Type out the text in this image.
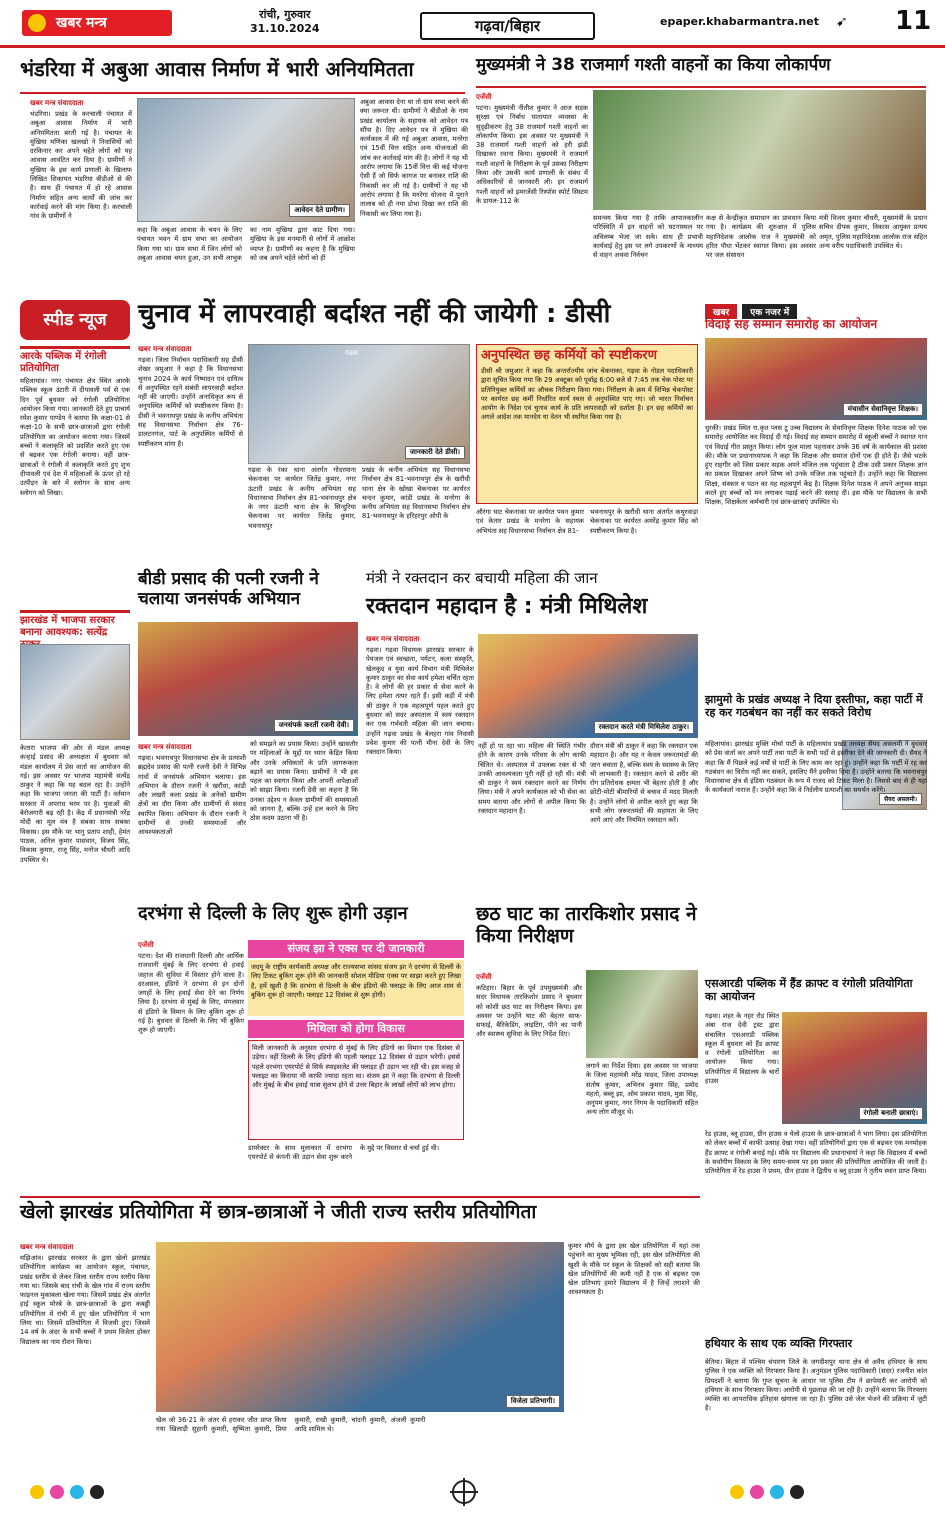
खबर मन्त्र
रांची, गुरुवार
31.10.2024	गढ़वा/बिहार	epaper.khabarmantra.net ➹ 11
भंडरिया में अबुआ आवास निर्माण में भारी अनियमितता
खबर मन्त्र संवाददाता
भंडरिया। प्रखंड के करचाली पंचायत में अबुआ आवास निर्माण में भारी अनियमितता बरती गई है। पंचायत के मुखिया मणिका खलखो ने निवासियों को दरकिनार कर अपने चहेते लोगों को यह आवास आवंटित कर दिया है। ग्रामीणों ने मुखिया के इस कार्य प्रणाली के खिलाफ लिखित शिकायत भंडरिया बीडीओ से की है। साथ ही पंचायत में हो रहे आवास निर्माण सहित अन्य कार्यों की जांच कर कार्रवाई करने की मांग किया है। करचाली गांव के ग्रामीणों ने
आवेदन देते ग्रामीण।
कहा कि अबुआ आवास के चयन के लिए पंचायत भवन में ग्राम सभा का आयोजन किया गया था। ग्राम सभा में जिन लोगों को अबुआ आवास चयन हुआ, उन सभी लाभुक का नाम मुखिया द्वारा काट दिया गया। मुखिया के इस मनमानी से लोगों में आक्रोश व्याप्त है। ग्रामीणों का कहना है कि मुखिया को जब अपने चहेते लोगों को ही
अबुआ आवास देना था तो ग्राम सभा करने की क्या जरूरत थी। ग्रामीणों ने बीडीओ के नाम प्रखंड कार्यालय के सहायक को आवेदन पत्र सौंपा है। दिए आवेदन पत्र में मुखिया की कार्यकाल में की गई अबुआ आवास, मनरेगा एवं 15वीं वित्त सहित अन्य योजनाओं की जांच कर कार्रवाई मांग की है। लोगों ने यह भी आरोप लगाया कि 15वीं वित्त की कई योजना ऐसी हैं जो सिर्फ कागज पर बनाकर राशि की निकासी कर ली गई है। ग्रामीणों ने यह भी आरोप लगाया है कि मनरेगा योजना में पुराने तालाब को ही नया डोभा दिखा कर राशि की निकासी कर लिया गया है।
मुख्यमंत्री ने 38 राजमार्ग गश्ती वाहनों का किया लोकार्पण
एजेंसी
पटना। मुख्यमंत्री नीतीश कुमार ने आज सड़क सुरक्षा एवं निर्बाध यातायात व्यवस्था के सुदृढ़ीकरण हेतु 38 राजमार्ग गश्ती वाहनों का लोकार्पण किया। इस अवसर पर मुख्यमंत्री ने 38 राजमार्ग गश्ती वाहनों को हरी झंडी दिखाकर रवाना किया। मुख्यमंत्री ने राजमार्ग गश्ती वाहनों के निरीक्षण के पूर्व उसका निरीक्षण किया और उसकी कार्य प्रणाली के संबंध में अधिकारियों से जानकारी ली। इन राजमार्ग गश्ती वाहनों को इमरजेंसी रिस्पॉस स्पोर्ट सिस्टम के डायल-112 के
समन्वय किया गया है ताकि आपातकालीन परिस्थिति में इन वाहनों को घटनास्थल पर अविलम्ब भेजा जा सके। साथ ही प्रभावी कार्यवाई हेतु इस पर लगे उपकरणों के माध्यम से वाहन अथवा निर्वचन
कक्ष से केन्द्रीकृत समाधान का प्रावधान किया गया है। कार्यक्रम की शुरुआत में पुलिस महानिदेशक आलोक राज ने मुख्यमंत्री को हरित पौधा भेंटकर स्वागत किया। इस अवसर पर जल संसाधन
मंत्री विजय कुमार चौधरी, मुख्यमंत्री के प्रधान सचिव दीपक कुमार, विकास आयुक्त प्रत्यय अमृत, पुलिस महानिदेशक आलोक राज सहित अन्य वरीय पदाधिकारी उपस्थित थे।
स्पीड न्यूज
आरके पब्लिक में रंगोली प्रतियोगिता
महिलायांव। नगर पंचायत क्षेत्र स्थित आरके पब्लिक स्कूल उंटारी में दीपावली पर्व से एक दिन पूर्व बुधवार को रंगोली प्रतियोगिता आयोजन किया गया। जानकारी देते हुए प्राचार्य रमेश कुमार पाण्डेय ने बताया कि कक्षा-01 से कक्षा-10 के सभी छात्र-छात्राओं द्वारा रंगोली प्रतियोगिता का आयोजन कराया गया। जिसमें बच्चों ने कलाकृति को प्रदर्शित करते हुए एक से बढ़कर एक रंगोली बनाया। वहीं छात्र-छात्राओं ने रंगोली में कलाकृति करते हुए शुभ दीपावली एवं देश में महिलाओं के ऊपर हो रहे उत्पीड़न के बारे में स्लोगन के साथ अन्य स्लोगन को लिखा।
झारखंड में भाजपा सरकार बनाना आवश्यक: सत्येंद्र
केतारा भाजपा की ओर से मंडल अध्यक्ष कन्हाई प्रसाद की अध्यक्षता में बुधवार को मंडल कार्यालय में प्रेस वार्ता का आयोजन की गई। इस अवसर पर भाजपा महामंत्री सत्येंद्र ठाकुर ने कहा कि यह बदल रहा है। उन्होंने कहा कि भाजपा जनता की पार्टी है। वर्तमान सरकार में अपराध चरम पर है। युवाओं की बेरोजगारी बढ़ रही है। केंद्र में प्रधानमंत्री नरेंद्र मोदी का मूल मंत्र है सबका साथ सबका विकास। इस मौके पर भानु प्रताप शाही, हेमंत पाठक, अनिल कुमार पासवान, विजय सिंह, विकास कुमार, राजू सिंह, मनोज चौधरी आदि उपस्थित थे।
चुनाव में लापरवाही बर्दाश्त नहीं की जायेगी : डीसी
खबर मन्त्र संवाददाता
गढ़वा। जिला निर्वाचन पदाधिकारी सह डीसी शेखर जमुआर ने कहा है कि विधानसभा चुनाव 2024 के कार्य निष्पादन एवं दायित्व से अनुपस्थित रहने संबंधी लापरवाही बर्दाश्त नहीं की जाएगी। उन्होंने अनाधिकृत रूप से अनुपस्थित कर्मियों को स्पष्टीकरण किया है। डीसी ने भवनाथपुर प्रखंड के कनीय अभियंता सह विधानसभा निर्वाचन क्षेत्र 76-डालटनगंज, पार्ट के अनुपस्थित कर्मियों से स्पष्टीकरण मांगा है।
गढ़वा
जानकारी देते डीसी।
गढ़वा के रंका थाना अंतर्गत गोदरमाना चेकनाका पर कार्यरत जितेंद्र कुमार, नगर ऊंटारी प्रखंड के कनीय अभियंता सह विधानसभा निर्वाचन क्षेत्र 81-भवनाथपुर क्षेत्र के नगर ऊंटारी थाना क्षेत्र के सिन्दुरिया चेकनाका पर कार्यरत जितेंद्र कुमार, भवनाथपुर
प्रखंड के कनीय अभियंता सह विधानसभा निर्वाचन क्षेत्र 81-भवनाथपुर क्षेत्र के खरौंधी थाना क्षेत्र के खोखा चेकनाका पर कार्यरत चन्दन कुमार, कांडी प्रखंड के मनरेगा के कनीय अभियंता सह विधानसभा निर्वाचन क्षेत्र 81-भवनाथपुर के हरिहरपुर ओपी के
अनुपस्थित छह कर्मियों को स्पष्टीकरण
डीसी श्री जमुआर ने कहा कि अन्तर्राज्यीय जांच चेकनाका, गढ़वा के नोडल पदाधिकारी द्वारा सूचित किया गया कि 29 अक्टूबर को पूर्वाह्न 6:00 बजे से 7:45 तक चेक पोस्ट पर प्रतिनियुक्त कर्मियों का औचक निरीक्षण किया गया। निरीक्षण के क्रम में विभिन्न चेकपोस्ट पर कार्यरत छह कर्मी निर्धारित कार्य स्थल से अनुपस्थित पाए गए। जो भारत निर्वाचन आयोग के निदेश एवं चुनाव कार्य के प्रति लापरवाही को दर्शाता है। इन छह कर्मियों का अगले आदेश तक मानदेय या वेतन भी स्थगित किया गया है।
औरंगा घाट चेकनाका पर कार्यरत पवन कुमार एवं केतार प्रखंड के मनरेगा के सहायक अभियंता सह विधानसभा निर्वाचन क्षेत्र 81-
भवनाथपुर के खरौंधी थाना अंतर्गत कथुरवाड़ा चेकनाका पर कार्यरत अमरेंद्र कुमार सिंह को स्पष्टीकरण किया है।
खबर एक नजर में
विदाई सह सम्मान समारोह का आयोजन
मंचासीन सेवानिवृत्त शिक्षक।
धुरकी। प्रखंड स्थित रा.कृत प्लस टू उच्च विद्यालय के सेवानिवृत्त शिक्षक दिनेश पाठक को एक समारोह आयोजित कर विदाई दी गई। विदाई सह सम्मान समारोह में स्कूली बच्चों ने स्वागत गान एवं विदाई गीत प्रस्तुत किया। लोग फूल माला पहनाकर उनके 36 वर्ष के कार्यकाल की प्रशंसा की। मौके पर प्रधानाध्यापक ने कहा कि शिक्षक और समाज दोनों एक ही होते हैं। जैसे भटके हुए राहगीर को जिस प्रकार सड़क अपने मंजिल तक पहुंचाता है ठीक उसी प्रकार शिक्षक ज्ञान का प्रकाश दिखाकर अपने शिष्य को उनके मंजिल तक पहुंचाते हैं। उन्होंने कहा कि विद्यालय शिक्षा, संस्कार व पठन का यह महत्वपूर्ण केंद्र है। शिक्षक दिनेश पाठक ने अपने अनुभव साझा करते हुए बच्चों को मन लगाकर पढ़ाई करने की सलाह दी। इस मौके पर विद्यालय के सभी शिक्षक, शिक्षकेतर कर्मचारी एवं छात्र-छात्राएं उपस्थित थे।
बीडी प्रसाद की पत्नी रजनी ने चलाया जनसंपर्क अभियान
जनसंपर्क करतीं रजनी देवी।
खबर मन्त्र संवाददाता
गढ़वा। भवनाथपुर विधानसभा क्षेत्र के प्रत्याशी ब्रह्मदेव प्रसाद की पत्नी रजनी देवी ने विभिन्न गांवों में जनसंपर्क अभियान चलाया। इस अभियान के दौरान रजनी ने खरौंधा, कांडी और लखरी कला प्रखंड के अनेकों ग्रामीण क्षेत्रों का दौरा किया और ग्रामीणों से संवाद स्थापित किया। अभियान के दौरान रजनी ने ग्रामीणों से उनकी समस्याओं और आवश्यकताओं
को समझने का प्रयास किया। उन्होंने खासतौर पर महिलाओं के मुद्दों पर ध्यान केंद्रित किया और उनके अधिकारों के प्रति जागरूकता बढ़ाने का प्रयास किया। ग्रामीणों ने भी इस पहल का स्वागत किया और अपनी अपेक्षाओं को साझा किया। रजनी देवी का कहना है कि उनका उद्देश्य न केवल ग्रामीणों की समस्याओं को जानना है, बल्कि उन्हें हल करने के लिए ठोस कदम उठाना भी है।
मंत्री ने रक्तदान कर बचायी महिला की जान
रक्तदान महादान है : मंत्री मिथिलेश
खबर मन्त्र संवाददाता
गढ़वा। गढ़वा विधायक झारखंड सरकार के पेयजल एवं स्वच्छता, पर्यटन, कला संस्कृति, खेलकूद व युवा कार्य विभाग मंत्री मिथिलेश कुमार ठाकुर का सेवा कार्य हमेशा चर्चित रहता है। वे लोगों की हर प्रकार से सेवा करने के लिए हमेशा तत्पर रहते हैं। इसी कड़ी में मंत्री श्री ठाकुर ने एक महत्वपूर्ण पहल करते हुए बुधवार को सदर अस्पताल में स्वयं रक्तदान कर एक गर्भवती महिला की जान बचाया। उन्होंने गढ़वा प्रखंड के बेलहरा गांव निवासी प्रवेश कुमार की पत्नी मीना देवी के लिए रक्तदान किया।
रक्तदान करते मंत्री मिथिलेश ठाकुर।
नहीं हो पा रहा था। महिला की स्थिति गंभीर होने के कारण उनके परिवार के लोग काफी चिंतित थे। अस्पताल में उपलब्ध रक्त से भी उनकी आवश्यकता पूरी नहीं हो रही थी। मंत्री श्री ठाकुर ने स्वयं रक्तदान करने का निर्णय लिया। मंत्री ने अपने कार्यकाल को भी सेवा का समय बताया और लोगों से अपील किया कि रक्तदान महादान है।
दौरान मंत्री श्री ठाकुर ने कहा कि रक्तदान एक महादान है। और यह न केवल जरूरतमंदों की जान बचाता है, बल्कि स्वयं के स्वास्थ्य के लिए भी लाभकारी है। रक्तदान करने से शरीर की रोग प्रतिरोधक क्षमता भी बेहतर होती है और छोटी-मोटी बीमारियों से बचाव में मदद मिलती है। उन्होंने लोगों से अपील करते हुए कहा कि सभी लोग जरूरतमंदों की सहायता के लिए आगे आएं और नियमित रक्तदान करें।
झामुमो के प्रखंड अध्यक्ष ने दिया इस्तीफा, कहा पार्टी में रह कर गठबंधन का नहीं कर सकते विरोध
सैयद असलमी।
महिलायांव। झारखंड मुक्ति मोर्चा पार्टी के महिलायांव प्रखंड अध्यक्ष सैयद असलमी ने बुधवार को प्रेस वार्ता कर अपने पार्टी तथा पार्टी के सभी पदों से इस्तीफा देने की जानकारी दी। सैयद ने कहा कि मैं पिछले कई वर्षों से पार्टी के लिए काम कर रहा हूं। उन्होंने कहा कि पार्टी में रह कर गठबंधन का विरोध नहीं कर सकते, इसलिए मैंने इस्तीफा दिया है। उन्होंने बताया कि भवनाथपुर विधानसभा क्षेत्र से इंडिया गठबंधन के रूप में राजद को टिकट मिला है। जिससे बाद से ही यहां के कार्यकर्ता नाराज हैं। उन्होंने कहा कि वे निर्दलीय प्रत्याशी का समर्थन करेंगे।
एसआरडी पब्लिक में हैंड क्राफ्ट व रंगोली प्रतियोगिता का आयोजन
गढ़वा। शहर के नहर रोड स्थित अंबा राज देवी ट्रस्ट द्वारा संचालित एसआरडी पब्लिक स्कूल में बुधवार को हैंड क्राफ्ट व रंगोली प्रतियोगिता का आयोजन किया गया। प्रतियोगिता में विद्यालय के चारों हाउस
रंगोली बनाती छात्राएं।
रेड हाउस, ब्लू हाउस, ग्रीन हाउस व येलो हाउस के छात्र-छात्राओं ने भाग लिया। इस प्रतियोगिता को लेकर बच्चों में काफी उत्साह देखा गया। वहीं प्रतियोगियों द्वारा एक से बढ़कर एक मनमोहक हैंड क्राफ्ट व रंगोली बनाई गई। मौके पर विद्यालय की प्रधानाचार्या ने कहा कि विद्यालय में बच्चों के सर्वांगीण विकास के लिए समय-समय पर इस प्रकार की प्रतियोगिता आयोजित की जाती है। प्रतियोगिता में रेड हाउस ने प्रथम, ग्रीन हाउस ने द्वितीय व ब्लू हाउस ने तृतीय स्थान प्राप्त किया।
दरभंगा से दिल्ली के लिए शुरू होगी उड़ान
एजेंसी
पटना। देश की राजधानी दिल्ली और आर्थिक राजधानी मुंबई के लिए दरभंगा से हवाई जहाज की सुविधा में विस्तार होने वाला है। दरअसल, इंडिगो ने दरभंगा से इन दोनों जगहों के लिए हवाई सेवा देने का निर्णय लिया है। दरभंगा से मुंबई के लिए, मंगलवार से इंडिगो के विमान के लिए बुकिंग शुरू हो गई है। बुधवार से दिल्ली के लिए भी बुकिंग शुरू हो जाएगी।
संजय झा ने एक्स पर दी जानकारी
जदयू के राष्ट्रीय कार्यकारी अध्यक्ष और राज्यसभा सांसद संजय झा ने दरभंगा से दिल्ली के लिए टिकट बुकिंग शुरू होने की जानकारी सोशल मीडिया एक्स पर साझा करते हुए लिखा है, हमें खुशी है कि दरभंगा से दिल्ली के बीच इंडिगो की फ्लाइट के लिए आज शाम से बुकिंग शुरू हो जाएगी। फ्लाइट 12 दिसंबर से शुरू होगी।
मिथिला को होगा विकास
मिली जानकारी के अनुसार दरभंगा से मुंबई के लिए इंडिगो का विमान एक दिसंबर से उड़ेगा। वहीं दिल्ली के लिए इंडिगो की पहली फ्लाइट 12 दिसंबर से उड़ान भरेगी। इससे पहले दरभंगा एयरपोर्ट से सिर्फ स्पाइसजेट की फ्लाइट ही उड़ान भर रही थी। इस वजह से फ्लाइट का किराया भी काफी ज्यादा रहता था। संजय झा ने कहा कि दरभंगा से दिल्ली और मुंबई के बीच हवाई यात्रा सुलभ होने से उत्तर बिहार के लाखों लोगों को लाभ होगा।
डायरेक्टर के साथ मुलाकात में दरभंगा एयरपोर्ट से कंपनी की उड़ान सेवा शुरू करने के मुद्दे पर विस्तार से चर्चा हुई थी।
छठ घाट का तारकिशोर प्रसाद ने किया निरीक्षण
एजेंसी
कटिहार। बिहार के पूर्व उपमुख्यमंत्री और सदर विधायक तारकिशोर प्रसाद ने बुधवार को कोशी छठ घाट का निरीक्षण किया। इस अवसर पर उन्होंने घाट की बेहतर साफ-सफाई, बैरिकेडिंग, लाइटिंग, पीने का पानी और स्वास्थ्य सुविधा के लिए निर्देश दिए।
लगाने का निर्देश दिया। इस अवसर पर भाजपा के जिला महामंत्री मरेंद्र यादव, जिला उपाध्यक्ष संतोष कुमार, अभिनव कुमार सिंह, प्रमोद महतो, बब्लू झा, ओम प्रकाश यादव, मुन्ना सिंह, अनुपम कुमार, नगर निगम के पदाधिकारी सहित अन्य लोग मौजूद थे।
खेलो झारखंड प्रतियोगिता में छात्र-छात्राओं ने जीती राज्य स्तरीय प्रतियोगिता
खबर मन्त्र संवाददाता
मझिआंव। झारखंड सरकार के द्वारा खेलो झारखंड प्रतियोगिता कार्यक्रम का आयोजन स्कूल, पंचायत, प्रखंड स्तरीय से लेकर जिला स्तरीय राज्य स्तरीय किया गया था। जिसके बाद रांची के खेल गांव में राज्य स्तरीय फाइनल मुकाबला खेला गया। जिसमें प्रखंड क्षेत्र अंतर्गत हाई स्कूल मोरबे के छात्र-छात्राओं के द्वारा कबड्डी प्रतियोगिता में रांची में हुए खेल प्रतियोगिता में भाग लिया था। जिसमें प्रतियोगिता में विजयी हुए। जिसमें 14 वर्ष के अंदर के सभी बच्चों ने प्रथम विजेता होकर विद्यालय का नाम रौशन किया।
विजेता प्रतिभागी।
खेल जो 36-21 के अंतर से हराकर जीत प्राप्त किया गया खिलाड़ी सुहानी कुमारी, सुष्मिता कुमारी, प्रिया कुमारी, राखी कुमारी, चांदनी कुमारी, अंजली कुमारी आदि शामिल थे।
कुमार मौर्य के द्वारा इस खेल प्रतियोगिता में यहां तक पहुंचाने का मुख्य भूमिका रही, इस खेल प्रतियोगिता की खुशी के मौके पर स्कूल के शिक्षकों को सही बताया कि खेल प्रतियोगियों की कमी नहीं है एक से बढ़कर एक खेल प्रतिभाएं हमारे विद्यालय में है जिन्हें तराशने की आवश्यकता है।
हथियार के साथ एक व्यक्ति गिरफ्तार
बेतिया। बिहार में पश्चिम चंपारण जिले के जगदीशपुर थाना क्षेत्र से अवैध हथियार के साथ पुलिस ने एक व्यक्ति को गिरफ्तार किया है। अनुमंडल पुलिस पदाधिकारी (सदर) रजनीश कांत प्रियदर्शी ने बताया कि गुप्त सूचना के आधार पर पुलिस टीम ने छापेमारी कर आरोपी को हथियार के साथ गिरफ्तार किया। आरोपी से पूछताछ की जा रही है। उन्होंने बताया कि गिरफ्तार व्यक्ति का आपराधिक इतिहास खंगाला जा रहा है। पुलिस उसे जेल भेजने की प्रक्रिया में जुटी है।
